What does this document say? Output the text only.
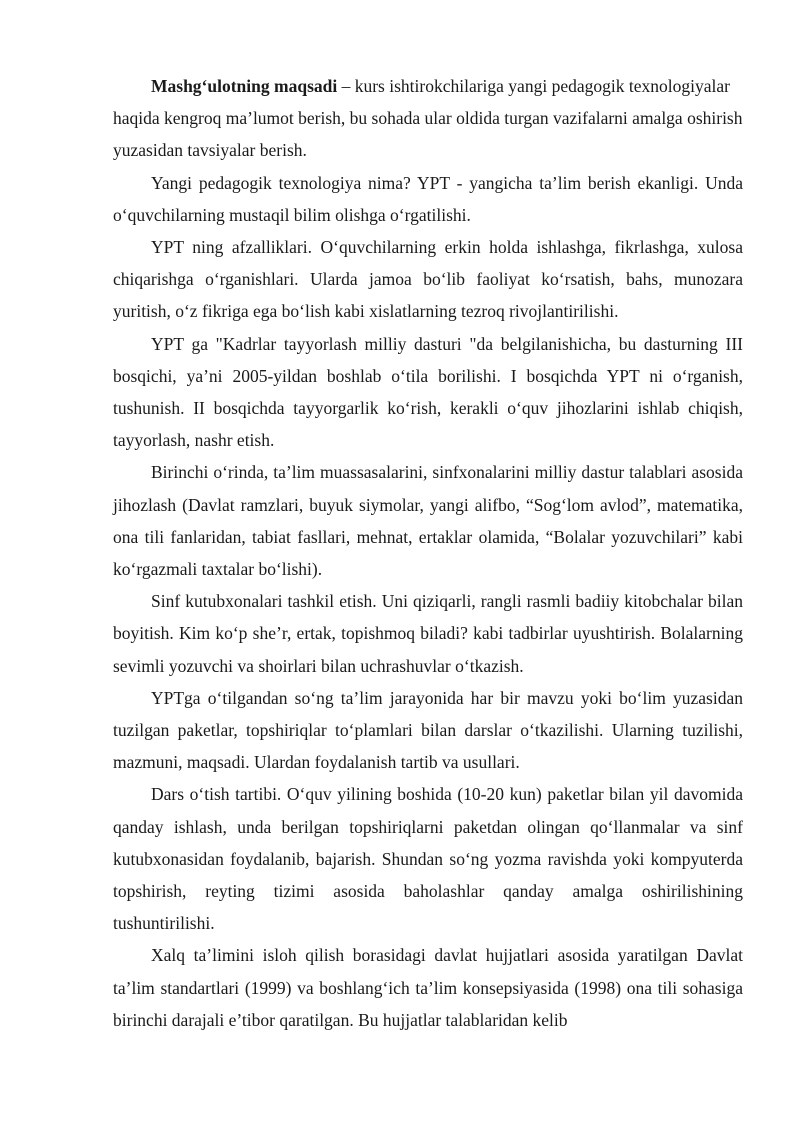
Mashg‘ulotning maqsadi – kurs ishtirokchilariga yangi pedagogik texnologiyalar haqida kengroq ma’lumot berish, bu sohada ular oldida turgan vazifalarni amalga oshirish yuzasidan tavsiyalar berish.

Yangi pedagogik texnologiya nima? YPT - yangicha ta’lim berish ekanligi. Unda o‘quvchilarning mustaqil bilim olishga o‘rgatilishi.

YPT ning afzalliklari. O‘quvchilarning erkin holda ishlashga, fikrlashga, xulosa chiqarishga o‘rganishlari. Ularda jamoa bo‘lib faoliyat ko‘rsatish, bahs, munozara yuritish, o‘z fikriga ega bo‘lish kabi xislatlarning tezroq rivojlantirilishi.

YPT ga "Kadrlar tayyorlash milliy dasturi "da belgilanishicha, bu dasturning III bosqichi, ya’ni 2005-yildan boshlab o‘tila borilishi. I bosqichda YPT ni o‘rganish, tushunish. II bosqichda tayyorgarlik ko‘rish, kerakli o‘quv jihozlarini ishlab chiqish, tayyorlash, nashr etish.

Birinchi o‘rinda, ta’lim muassasalarini, sinfxonalarini milliy dastur talablari asosida jihozlash (Davlat ramzlari, buyuk siymolar, yangi alifbo, “Sog‘lom avlod”, matematika, ona tili fanlaridan, tabiat fasllari, mehnat, ertaklar olamida, “Bolalar yozuvchilari” kabi ko‘rgazmali taxtalar bo‘lishi).

Sinf kutubxonalari tashkil etish. Uni qiziqarli, rangli rasmli badiiy kitobchalar bilan boyitish. Kim ko‘p she’r, ertak, topishmoq biladi? kabi tadbirlar uyushtirish. Bolalarning sevimli yozuvchi va shoirlari bilan uchrashuvlar o‘tkazish.

YPTga o‘tilgandan so‘ng ta’lim jarayonida har bir mavzu yoki bo‘lim yuzasidan tuzilgan paketlar, topshiriqlar to‘plamlari bilan darslar o‘tkazilishi. Ularning tuzilishi, mazmuni, maqsadi. Ulardan foydalanish tartib va usullari.

Dars o‘tish tartibi. O‘quv yilining boshida (10-20 kun) paketlar bilan yil davomida qanday ishlash, unda berilgan topshiriqlarni paketdan olingan qo‘llanmalar va sinf kutubxonasidan foydalanib, bajarish. Shundan so‘ng yozma ravishda yoki kompyuterda topshirish, reyting tizimi asosida baholashlar qanday amalga oshirilishining tushuntirilishi.

Xalq ta’limini isloh qilish borasidagi davlat hujjatlari asosida yaratilgan Davlat ta’lim standartlari (1999) va boshlang‘ich ta’lim konsepsiyasida (1998) ona tili sohasiga birinchi darajali e’tibor qaratilgan. Bu hujjatlar talablaridan kelib
